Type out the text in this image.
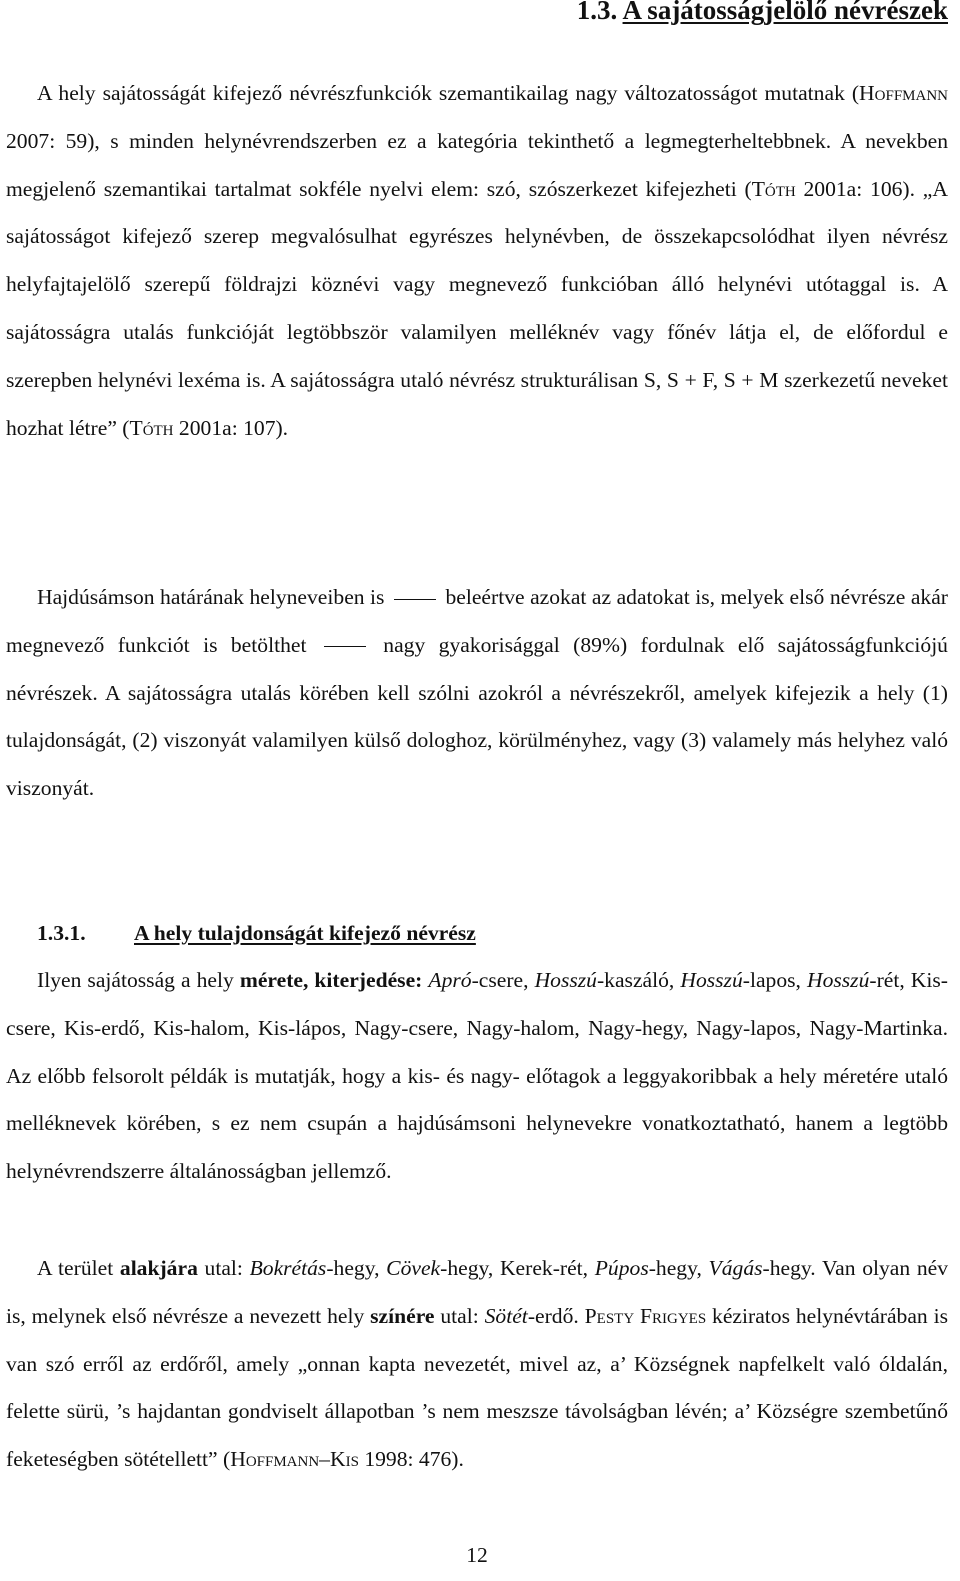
1.3. A sajátosságjelölő névrészek

A hely sajátosságát kifejező névrészfunkciók szemantikailag nagy változatosságot mutatnak (Hoffmann 2007: 59), s minden helynévrendszerben ez a kategória tekinthető a legmegterheltebbnek. A nevekben megjelenő szemantikai tartalmat sokféle nyelvi elem: szó, szószerkezet kifejezheti (Tóth 2001a: 106). „A sajátosságot kifejező szerep megvalósulhat egyrészes helynévben, de összekapcsolódhat ilyen névrész helyfajtajelölő szerepű földrajzi köznévi vagy megnevező funkcióban álló helynévi utótaggal is. A sajátosságra utalás funkcióját legtöbbször valamilyen melléknév vagy főnév látja el, de előfordul e szerepben helynévi lexéma is. A sajátosságra utaló névrész strukturálisan S, S + F, S + M szerkezetű neveket hozhat létre” (Tóth 2001a: 107).

Hajdúsámson határának helyneveiben is	beleértve azokat az adatokat is, melyek első névrésze akár megnevező funkciót is betölthet	nagy gyakorisággal (89%) fordulnak elő sajátosságfunkciójú névrészek. A sajátosságra utalás körében kell szólni azokról a névrészekről, amelyek kifejezik a hely (1) tulajdonságát, (2) viszonyát valamilyen külső dologhoz, körülményhez, vagy (3) valamely más helyhez való viszonyát.

1.3.1. A hely tulajdonságát kifejező névrész

Ilyen sajátosság a hely mérete, kiterjedése: Apró-csere, Hosszú-kaszáló, Hosszú-lapos, Hosszú-rét, Kis-csere, Kis-erdő, Kis-halom, Kis-lápos, Nagy-csere, Nagy-halom, Nagy-hegy, Nagy-lapos, Nagy-Martinka. Az előbb felsorolt példák is mutatják, hogy a kis- és nagy- előtagok a leggyakoribbak a hely méretére utaló melléknevek körében, s ez nem csupán a hajdúsámsoni helynevekre vonatkoztatható, hanem a legtöbb helynévrendszerre általánosságban jellemző.

A terület alakjára utal: Bokrétás-hegy, Cövek-hegy, Kerek-rét, Púpos-hegy, Vágás-hegy. Van olyan név is, melynek első névrésze a nevezett hely színére utal: Sötét-erdő. Pesty Frigyes kéziratos helynévtárában is van szó erről az erdőről, amely „onnan kapta nevezetét, mivel az, a’ Községnek napfelkelt való óldalán, felette sürü, ’s hajdantan gondviselt állapotban ’s nem meszsze távolságban lévén; a’ Községre szembetűnő feketeségben sötétellett” (Hoffmann–Kis 1998: 476).

12
